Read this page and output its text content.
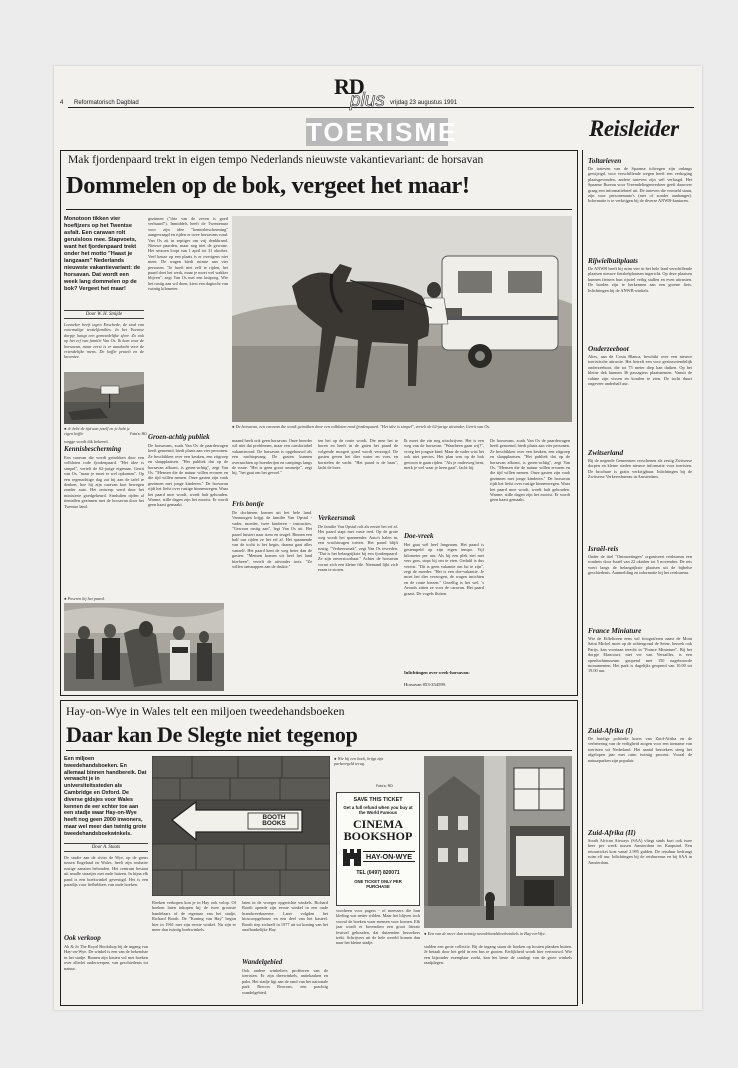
4 Reformatorisch Dagblad
RD
plus vrijdag 23 augustus 1991
TOERISME	Reisleider
Mak fjordenpaard trekt in eigen tempo Nederlands nieuwste vakantievariant: de horsavan
Dommelen op de bok, vergeet het maar!
Monotoon tikken vier hoefijzers op het Twentse asfalt. Een caravan rolt geruisloos mee. Stapvoets, want het fjordenpaard trekt onder het motto "Haast je langzaam" Nederlands nieuwste vakantievariant: de horsavan. Dat wordt een week lang dommelen op de bok? Vergeet het maar!
Door W. H. Smijde
Lonneker heeft tegen Enschede, de stad van voormalige textielfamilies. In het Twentse dorpje hangt een gemoedelijke sfeer. Zo ook op het erf van familie Van Os. Ik kom voor de horsavan, maar eerst is er aandacht voor de vriendelijke mens. De koffie prutelt en de kroentee.
● Je hebt de tijd aan jezelf en je hebt je eigen koffie	Foto's: RD
wegge wordt dik bekeerd.
Kennisbescherming
Een caravan die wordt getrokken door een volbloten rode fjordenpaard. "Het idee is simpel", vertelt de 62-jarige eigenaar, Gerrit van Os, "maar je moet er wel opkomen". Op een regenachtige dag zat hij aan de tafel te denken, hoe hij zijn caravan kon bewegen zonder auto. Het ontwerp werd door het ministerie goedgekeurd. Sindsdien rijden al tientallen gezinnen met de horsavan door het Twentse land.
● Poseren bij het paard.
gezinnen ("drie van de zeven is goed verhuurd"). Inmiddels heeft de Twentenaar voor zijn idee "kennisbescherming" aangevraagd en rijden er twee horsavans rond. Van Os zit in septiger om vrij denkbrand. Nieuwe paarden, maar nog niet de gewone. Het seizoen loopt van 1 april tot 31 oktober. Veel keuze op een plaats is er overigens niet meer. De wagen biedt ruimte aan vier personen. "Je hoeft niet zelf te rijden, het paard doet het werk, maar je moet wel wakker blijven", zegt Van Os met een knipoog. Wie het rustig aan wil doen, kiest een dagtocht van twintig kilometer.
Groen-achtig publiek
De horsavans, zoals Van Os de paardewagen heeft genoemd, biedt plaats aan vier personen. Ze beschikken over een keuken, een zitgroep en slaapplaatsen. "Het publiek dat op de horsavan afkomt, is groen-achtig", zegt Van Os. "Mensen die de natuur willen ervaren en die tijd willen nemen. Onze gasten zijn vaak gezinnen met jonge kinderen." De horsavan rijdt het liefst over rustige binnenwegen. Waar het paard moe wordt, wordt halt gehouden. Warme, stille dagen zijn het mooist. Er wordt geen haast gemaakt.
● De horsavan, een caravan die wordt getrokken door een volbloten rood fjordenpaard. "Het idee is simpel", vertelt de 62-jarige uitvinder, Gerrit van Os.
maand heeft ook geen horsavan. Onze boerder wil niet dat problemen, maar een comfortabel vakantieoord. De horsavan is opgebouwd als een nachtopvang. De gasten kunnen overnachten op boerderijen en campings langs de route. "Het is geen groot ommetje", zegt hij, "het gaat om het gevoel."
Fris bontje
De dochteren komen uit het hele land. Vanmorgen krijgt de familie Van Opstal - vader, moeder, twee kinderen - instructies. "Gewoon rustig aan", legt Van Os uit. Het paard luistert naar stem en teugel. Binnen een half uur rijden ze het erf af. Het spannende van de tocht is het begin, daarna gaat alles vanzelf. Het paard kent de weg beter dan de gasten. "Mensen komen uit heel het land hierheen", vertelt de uitvinder trots. "Ze willen ontsnappen aan de drukte."
ten het op de route wordt. Die men het te horen en heeft in de gaten het paard de volgende morgen goed wordt verzorgd. De gasten geven het dier water en voer, en borstelen de vacht. "Het paard is de baas", lacht de boer.
Verkeersmak
De familie Van Opstal rolt als eerste het erf af. Het paard stapt met vaste tred. Op de grote weg wordt het spannender. Auto's halen in, een vrachtwagen toetert. Het paard blijft rustig. "Verkeersmak", zegt Van Os tevreden. "Dat is het belangrijkste bij een fjordenpaard. Ze zijn onverstoorbaar." Achter de horsavan vormt zich een kleine file. Niemand lijkt zich eraan te storen.
Ik moet die zin nog uitschrijven. Het is een weg van de horsavan. "Waarheen gaan wij?", vroeg het jongste kind. Maar de vader wist het ook niet precies. Het plan was op de bok gewoon te gaan rijden. "Als je onderweg bent, merk je wel waar je heen gaat", lacht hij.
Doe-vreek
Het gaat wèl heel langzaam. Het paard is gestempeld op zijn eigen tempo. Vijf kilometer per uur. Als hij een plek ziet met vers gras, stopt hij om te eten. Geduld is dus vereist. "Dit is geen vakantie om lui te zijn", zegt de moeder. "Het is een doe-vakantie. Je moet het dier verzorgen, de wagen inrichten en de route kiezen." Gezellig is het wel. 's Avonds zitten ze voor de caravan. Het paard graast. De vogels fluiten.
Inlichtingen over week-horsavan:
Horsavan 053-354599.
De horsavans, zoals Van Os de paardewagen heeft genoemd, biedt plaats aan vier personen. Ze beschikken over een keuken, een zitgroep en slaapplaatsen. "Het publiek dat op de horsavan afkomt, is groen-achtig", zegt Van Os. "Mensen die de natuur willen ervaren en die tijd willen nemen. Onze gasten zijn vaak gezinnen met jonge kinderen." De horsavan rijdt het liefst over rustige binnenwegen. Waar het paard moe wordt, wordt halt gehouden. Warme, stille dagen zijn het mooist. Er wordt geen haast gemaakt.
Toltarieven
De tarieven van de Spaanse tolwegen zijn onlangs gewijzigd, voor verschillende wegen heeft een verhoging plaatsgevonden, andere tarieven zijn wèl verlaagd. Het Spaanse Bureau voor Vreemdelingenverkeer geeft daarover graag een informatiebrief uit. De tarieven die vermeld staan, zijn voor personenauto's (met of zonder aanhanger). Informatie is te verkrijgen bij de diverse ANWB-kantoren.
Rijwielbuitplaats
De ANWB heeft bij ruim vier in het hele land verschillende plaatsen nieuwe fietsbelplaatsen ingericht. Op deze plaatsen kunnen fietsers hun rijwiel veilig stallen en even uitrusten. De borden zijn te herkennen aan een groene fiets. Inlichtingen bij de ANWB-winkels.
Onderzeeboot
Altes, aan de Costa Blanca, beschikt over een nieuwe toeristische attractie. Het betreft een voor gezinsvriendelijk onderzeeboot, die tot 75 meter diep kan duiken. Op het kleine dek kunnen 36 passagiers plaatsnemen. Vanuit de cabine zijn vissen en koralen te zien. De tocht duurt ongeveer anderhalf uur.
Zwitserland
Bij de negende Gemeenten verschenen als zestig Zwitserse dorpen en kleine steden nieuwe informatie voor toeristen. De brochure is gratis verkrijgbaar. Inlichtingen bij de Zwitserse Verkeersbureau in Amsterdam.
Israël-reis
Onder de titel "Ontmoetingen" organiseert reisbureau een rondreis door Israël van 22 oktober tot 5 november. De reis voert langs de belangrijkste plaatsen uit de bijbelse geschiedenis. Aanmelding en informatie bij het reisbureau.
France Miniature
Wie de Eiffeltoren eens wil fotograferen naast de Mont Saint Michel moet op de achtergrond de Seine, bezoek ook Parijs, kan voortaan terecht in "France Miniature". Bij het dorpje Elancourt, niet ver van Versailles, is een openluchtmuseum geopend met 150 nagebouwde monumenten. Het park is dagelijks geopend van 10.00 tot 19.00 uur.
Zuid-Afrika (I)
De huidige politieke koers van Zuid-Afrika en de verbetering van de veiligheid zorgen voor een toename van toeristen uit Nederland. Het aantal bezoekers steeg het afgelopen jaar met ruim twintig procent. Vooral de natuurparken zijn populair.
Zuid-Afrika (II)
South African Airways (SAA) vliegt sinds kort ook twee keer per week tussen Amsterdam en Kaapstad. Een retourticket kost vanaf 2.995 gulden. De reisduur bedraagt ruim elf uur. Inlichtingen bij de reisbureaus en bij SAA in Amsterdam.
Hay-on-Wye in Wales telt een miljoen tweedehandsboeken
Daar kan De Slegte niet tegenop
Een miljoen tweedehandsboeken. En allemaal binnen handbereik. Dat verwacht je in universiteitssteden als Cambridge en Oxford. De diverse gidsjes voor Wales kennen de eer echter toe aan een stadje waar Hay-on-Wye heeft nog geen 2000 inwoners, maar wel meer dan twintig grote tweedehandsboekwinkels.
Door A. Staats
De studie aan de rivier de Wye, op de grens tussen Engeland en Wales, heeft zijn roubaire rustige aanzien behouden. Het centrum bestaat uit smalle straatjes met oude huizen. In bijna elk pand is een boekwinkel gevestigd. Het is een paradijs voor liefhebbers van oude boeken.
Ook verkoop
Ah & Jo The Royal Bookshop bij de ingang van Hay-on-Wye. De winkel is een van de bekendste in het stadje. Binnen zijn kasten vol met boeken over allerlei onderwerpen, van geschiedenis tot natuur.
BOOTH BOOKS
Boeken verkopen kon je in Hay ook volop. Of boeken laten inkopen bij de twee grootste handelaars of de eigenaar van het stadje, Richard Booth. De "Koning van Hay" begon hier in 1961 met zijn eerste winkel. Nu zijn er meer dan twintig boekwinkels.
laten in de vroeger opgerichte winkels. Richard Booth opende zijn eerste winkel in een oude brandweerkazerne. Later volgden het bioscoopgebouw en een deel van het kasteel. Booth riep zichzelf in 1977 uit tot koning van het onafhankelijke Hay.
Wandelgebied
Ook andere winkeliers profiteren van de toeristen. Er zijn theewinkels, antiekzaken en pubs. Het stadje ligt aan de rand van het nationale park Brecon Beacons, een prachtig wandelgebied.
● Wie bij een boek, krijgt zijn parkeergeld terug.
Foto's: RD
SAVE THIS TICKET
Get a full refund when you buy at the World Famous
CINEMA
BOOKSHOP
HAY-ON-WYE
TEL (0497) 820071
ONE TICKET ONLY PER PURCHASE
voorheen voor pagers - of meessers die hun kleding wat netter wilden. Maar het blijven toch vooral de boeken waar mensen voor komen. Elk jaar wordt er bovendien een groot literair festival gehouden, dat duizenden bezoekers trekt. Schrijvers uit de hele wereld komen dan naar het kleine stadje.
● Een van de meer dan twintig tweedehandsboekwinkels in Hay-on-Wye.
stalden een grote collectie. Bij de ingang staan de boeken op houten planken buiten. Je betaalt door het geld in een bus te gooien. Eerlijkheid wordt hier vertrouwd. Wie een bijzonder exemplaar zoekt, kan het beste de catalogi van de grote winkels raadplegen.
